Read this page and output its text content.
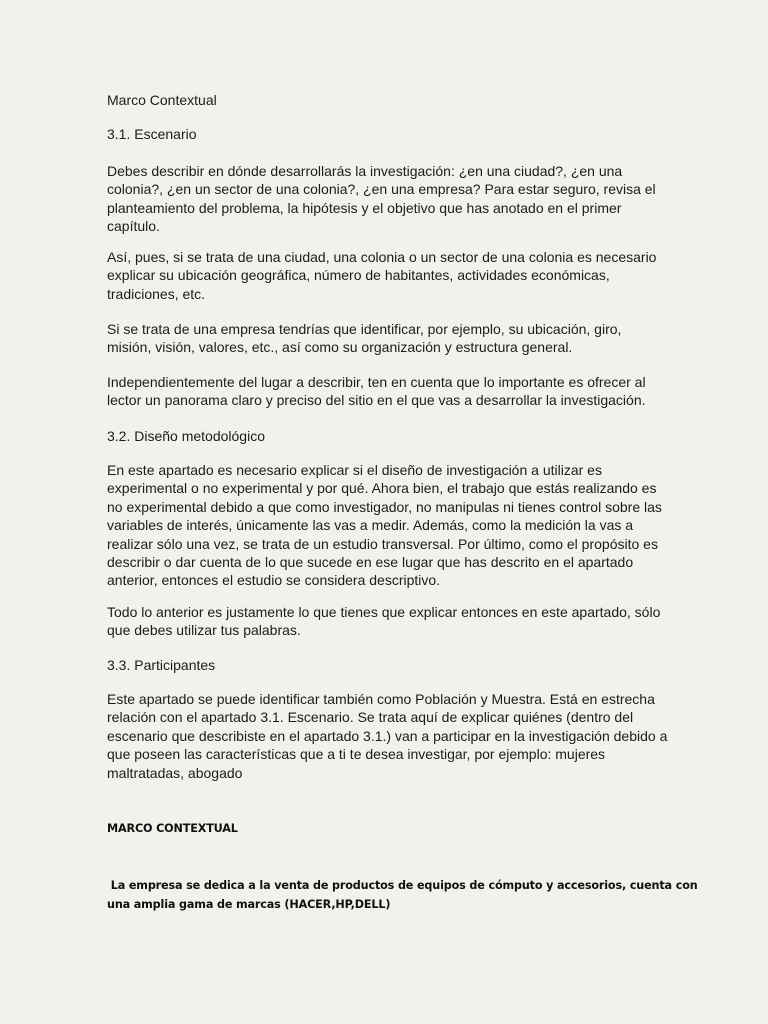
Marco Contextual

3.1. Escenario

Debes describir en dónde desarrollarás la investigación: ¿en una ciudad?, ¿en una
colonia?, ¿en un sector de una colonia?, ¿en una empresa? Para estar seguro, revisa el
planteamiento del problema, la hipótesis y el objetivo que has anotado en el primer
capítulo.

Así, pues, si se trata de una ciudad, una colonia o un sector de una colonia es necesario
explicar su ubicación geográfica, número de habitantes, actividades económicas,
tradiciones, etc.

Si se trata de una empresa tendrías que identificar, por ejemplo, su ubicación, giro,
misión, visión, valores, etc., así como su organización y estructura general.

Independientemente del lugar a describir, ten en cuenta que lo importante es ofrecer al
lector un panorama claro y preciso del sitio en el que vas a desarrollar la investigación.

3.2. Diseño metodológico

En este apartado es necesario explicar si el diseño de investigación a utilizar es
experimental o no experimental y por qué. Ahora bien, el trabajo que estás realizando es
no experimental debido a que como investigador, no manipulas ni tienes control sobre las
variables de interés, únicamente las vas a medir. Además, como la medición la vas a
realizar sólo una vez, se trata de un estudio transversal. Por último, como el propósito es
describir o dar cuenta de lo que sucede en ese lugar que has descrito en el apartado
anterior, entonces el estudio se considera descriptivo.

Todo lo anterior es justamente lo que tienes que explicar entonces en este apartado, sólo
que debes utilizar tus palabras.

3.3. Participantes

Este apartado se puede identificar también como Población y Muestra. Está en estrecha
relación con el apartado 3.1. Escenario. Se trata aquí de explicar quiénes (dentro del
escenario que describiste en el apartado 3.1.) van a participar en la investigación debido a
que poseen las características que a ti te desea investigar, por ejemplo: mujeres
maltratadas, abogado

MARCO CONTEXTUAL

La empresa se dedica a la venta de productos de equipos de cómputo y accesorios, cuenta con
una amplia gama de marcas (HACER,HP,DELL)
